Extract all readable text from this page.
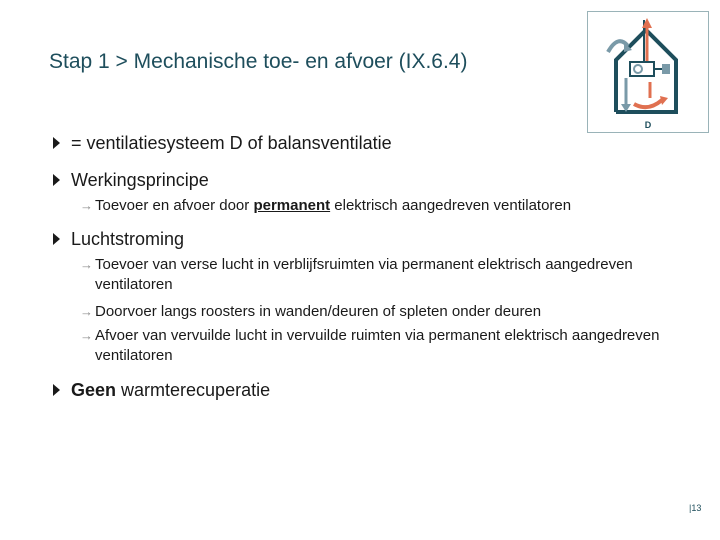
Stap 1 > Mechanische toe- en afvoer (IX.6.4)
D
= ventilatiesysteem D of balansventilatie
Werkingsprincipe
→ Toevoer en afvoer door permanent elektrisch aangedreven ventilatoren
Luchtstroming
→ Toevoer van verse lucht in verblijfsruimten via permanent elektrisch aangedreven ventilatoren
→ Doorvoer langs roosters in wanden/deuren of spleten onder deuren
→ Afvoer van vervuilde lucht in vervuilde ruimten via permanent elektrisch aangedreven ventilatoren
Geen warmterecuperatie
|13
